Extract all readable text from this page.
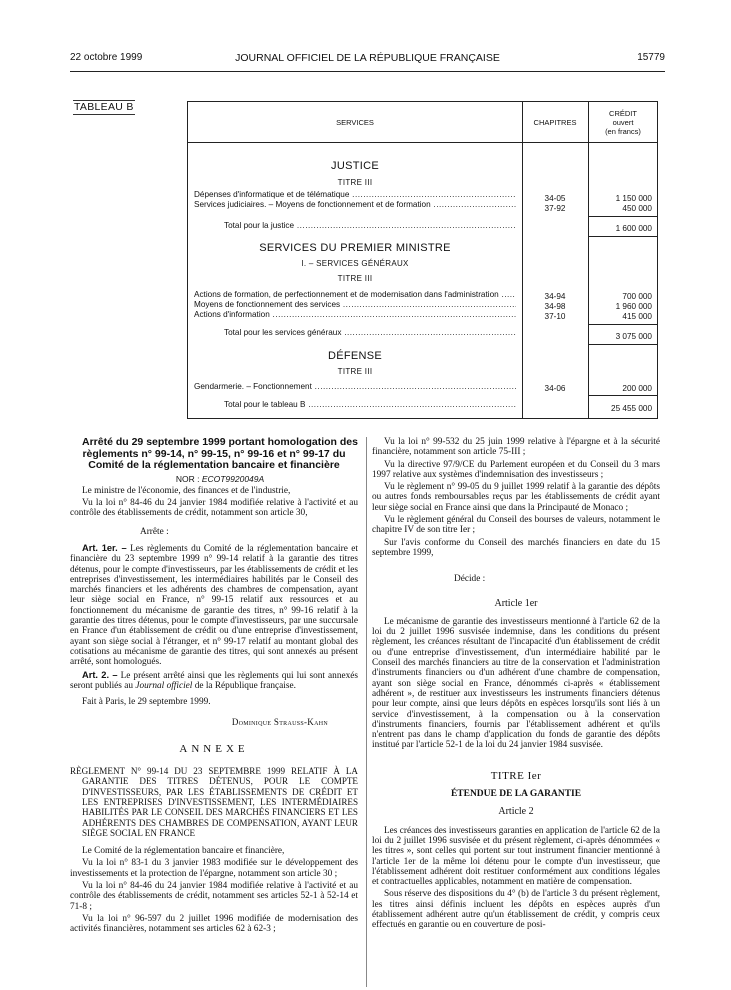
22 octobre 1999	JOURNAL OFFICIEL DE LA RÉPUBLIQUE FRANÇAISE	15779
TABLEAU B
SERVICES	CHAPITRES
CRÉDIT
ouvert
(en francs)
JUSTICE
TITRE III
Dépenses d'informatique et de télématique .....	34-05	1 150 000
Services judiciaires. – Moyens de fonctionnement et de formation .....	37-92	450 000
Total pour la justice .....	1 600 000
SERVICES DU PREMIER MINISTRE
I. – SERVICES GÉNÉRAUX
TITRE III
Actions de formation, de perfectionnement et de modernisation dans l'administration .....	34-94	700 000
Moyens de fonctionnement des services .....	34-98	1 960 000
Actions d'information .....	37-10	415 000
Total pour les services généraux .....	3 075 000
DÉFENSE
TITRE III
Gendarmerie. – Fonctionnement .....	34-06	200 000
Total pour le tableau B .....	25 455 000

Arrêté du 29 septembre 1999 portant homologation des règlements n° 99-14, n° 99-15, n° 99-16 et n° 99-17 du Comité de la réglementation bancaire et financière

NOR : ECOT9920049A

Le ministre de l'économie, des finances et de l'industrie,

Vu la loi n° 84-46 du 24 janvier 1984 modifiée relative à l'activité et au contrôle des établissements de crédit, notamment son article 30,

Arrête :

Art. 1er. – Les règlements du Comité de la réglementation bancaire et financière du 23 septembre 1999 n° 99-14 relatif à la garantie des titres détenus, pour le compte d'investisseurs, par les établissements de crédit et les entreprises d'investissement, les intermédiaires habilités par le Conseil des marchés financiers et les adhérents des chambres de compensation, ayant leur siège social en France, n° 99-15 relatif aux ressources et au fonctionnement du mécanisme de garantie des titres, n° 99-16 relatif à la garantie des titres détenus, pour le compte d'investisseurs, par une succursale en France d'un établissement de crédit ou d'une entreprise d'investissement, ayant son siège social à l'étranger, et n° 99-17 relatif au montant global des cotisations au mécanisme de garantie des titres, qui sont annexés au présent arrêté, sont homologués.

Art. 2. – Le présent arrêté ainsi que les règlements qui lui sont annexés seront publiés au Journal officiel de la République française.

Fait à Paris, le 29 septembre 1999.

Dominique Strauss-Kahn

ANNEXE

RÈGLEMENT N° 99-14 DU 23 SEPTEMBRE 1999 RELATIF À LA GARANTIE DES TITRES DÉTENUS, POUR LE COMPTE D'INVESTISSEURS, PAR LES ÉTABLISSEMENTS DE CRÉDIT ET LES ENTREPRISES D'INVESTISSEMENT, LES INTERMÉDIAIRES HABILITÉS PAR LE CONSEIL DES MARCHÉS FINANCIERS ET LES ADHÉRENTS DES CHAMBRES DE COMPENSATION, AYANT LEUR SIÈGE SOCIAL EN FRANCE

Le Comité de la réglementation bancaire et financière,

Vu la loi n° 83-1 du 3 janvier 1983 modifiée sur le développement des investissements et la protection de l'épargne, notamment son article 30 ;

Vu la loi n° 84-46 du 24 janvier 1984 modifiée relative à l'activité et au contrôle des établissements de crédit, notamment ses articles 52-1 à 52-14 et 71-8 ;

Vu la loi n° 96-597 du 2 juillet 1996 modifiée de modernisation des activités financières, notamment ses articles 62 à 62-3 ;

Vu la loi n° 99-532 du 25 juin 1999 relative à l'épargne et à la sécurité financière, notamment son article 75-III ;

Vu la directive 97/9/CE du Parlement européen et du Conseil du 3 mars 1997 relative aux systèmes d'indemnisation des investisseurs ;

Vu le règlement n° 99-05 du 9 juillet 1999 relatif à la garantie des dépôts ou autres fonds remboursables reçus par les établissements de crédit ayant leur siège social en France ainsi que dans la Principauté de Monaco ;

Vu le règlement général du Conseil des bourses de valeurs, notamment le chapitre IV de son titre Ier ;

Sur l'avis conforme du Conseil des marchés financiers en date du 15 septembre 1999,

Décide :

Article 1er

Le mécanisme de garantie des investisseurs mentionné à l'article 62 de la loi du 2 juillet 1996 susvisée indemnise, dans les conditions du présent règlement, les créances résultant de l'incapacité d'un établissement de crédit ou d'une entreprise d'investissement, d'un intermédiaire habilité par le Conseil des marchés financiers au titre de la conservation et l'administration d'instruments financiers ou d'un adhérent d'une chambre de compensation, ayant son siège social en France, dénommés ci-après « établissement adhérent », de restituer aux investisseurs les instruments financiers détenus pour leur compte, ainsi que leurs dépôts en espèces lorsqu'ils sont liés à un service d'investissement, à la compensation ou à la conservation d'instruments financiers, fournis par l'établissement adhérent et qu'ils n'entrent pas dans le champ d'application du fonds de garantie des dépôts institué par l'article 52-1 de la loi du 24 janvier 1984 susvisée.

TITRE Ier

ÉTENDUE DE LA GARANTIE

Article 2

Les créances des investisseurs garanties en application de l'article 62 de la loi du 2 juillet 1996 susvisée et du présent règlement, ci-après dénommées « les titres », sont celles qui portent sur tout instrument financier mentionné à l'article 1er de la même loi détenu pour le compte d'un investisseur, que l'établissement adhérent doit restituer conformément aux conditions légales et contractuelles applicables, notamment en matière de compensation.

Sous réserve des dispositions du 4° (b) de l'article 3 du présent règlement, les titres ainsi définis incluent les dépôts en espèces auprès d'un établissement adhérent autre qu'un établissement de crédit, y compris ceux effectués en garantie ou en couverture de posi-
